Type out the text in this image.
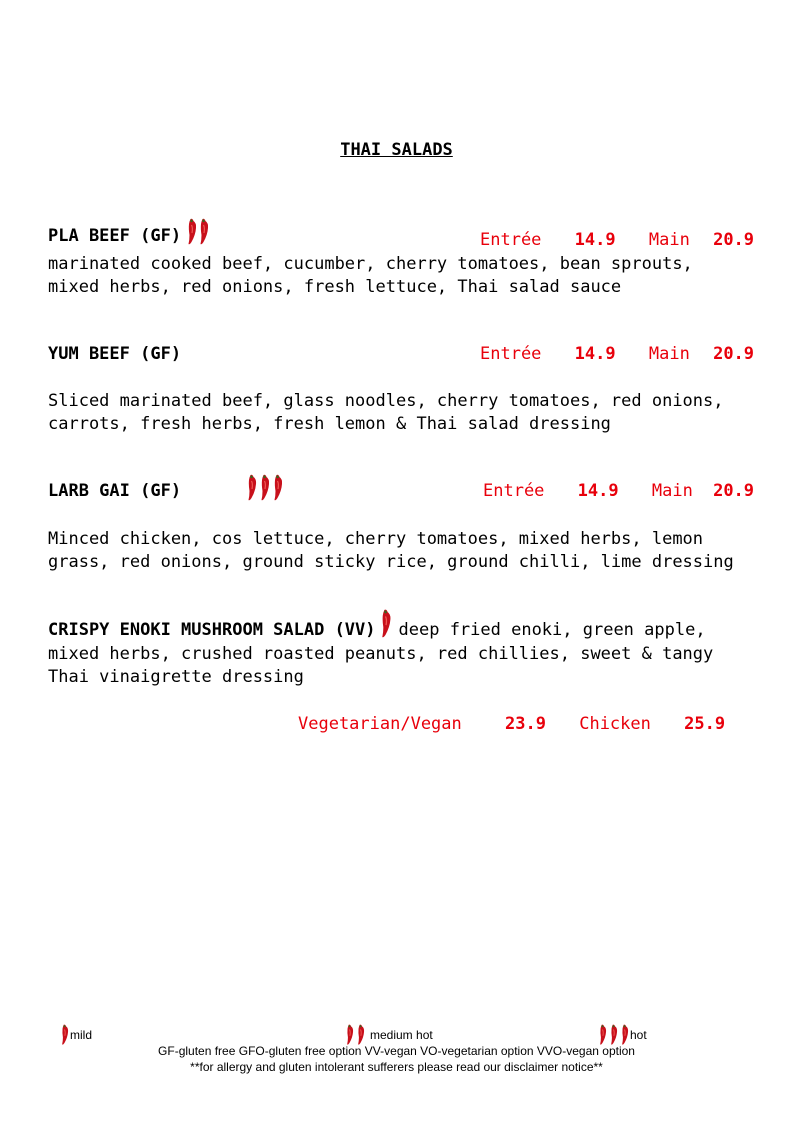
THAI SALADS
PLA BEEF (GF)	Entrée 14.9 Main 20.9
marinated cooked beef, cucumber, cherry tomatoes, bean sprouts,
mixed herbs, red onions, fresh lettuce, Thai salad sauce
YUM BEEF (GF)	Entrée 14.9 Main 20.9
Sliced marinated beef, glass noodles, cherry tomatoes, red onions,
carrots, fresh herbs, fresh lemon & Thai salad dressing
LARB GAI (GF)	Entrée 14.9 Main 20.9
Minced chicken, cos lettuce, cherry tomatoes, mixed herbs, lemon
grass, red onions, ground sticky rice, ground chilli, lime dressing
CRISPY ENOKI MUSHROOM SALAD (VV) deep fried enoki, green apple,
mixed herbs, crushed roasted peanuts, red chillies, sweet & tangy
Thai vinaigrette dressing
Vegetarian/Vegan	23.9 Chicken 25.9
mild	medium hot	hot
GF-gluten free GFO-gluten free option VV-vegan VO-vegetarian option VVO-vegan option
**for allergy and gluten intolerant sufferers please read our disclaimer notice**
